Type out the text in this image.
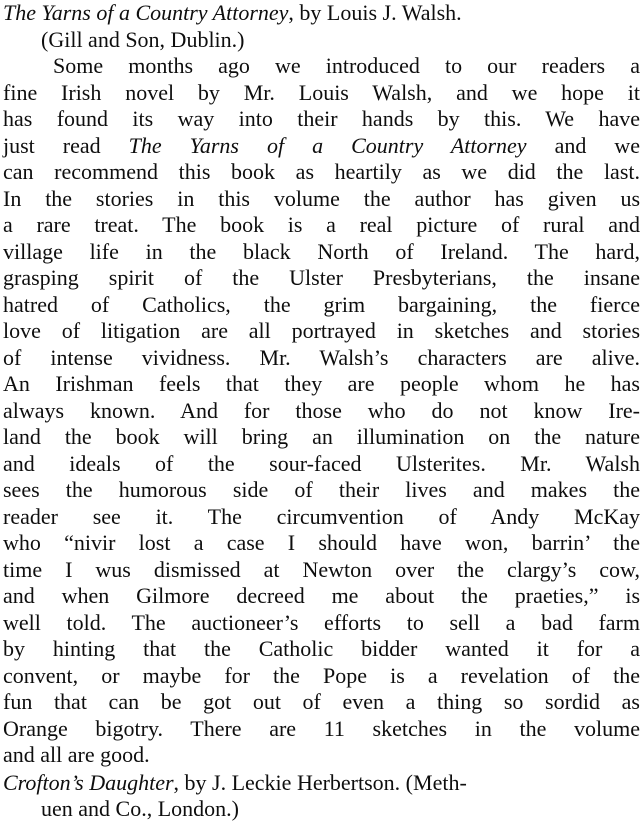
The Yarns of a Country Attorney, by Louis J. Walsh.
(Gill and Son, Dublin.)
Some months ago we introduced to our readers a
fine Irish novel by Mr. Louis Walsh, and we hope it
has found its way into their hands by this. We have
just read The Yarns of a Country Attorney and we
can recommend this book as heartily as we did the last.
In the stories in this volume the author has given us
a rare treat. The book is a real picture of rural and
village life in the black North of Ireland. The hard,
grasping spirit of the Ulster Presbyterians, the insane
hatred of Catholics, the grim bargaining, the fierce
love of litigation are all portrayed in sketches and stories
of intense vividness. Mr. Walsh’s characters are alive.
An Irishman feels that they are people whom he has
always known. And for those who do not know Ire-
land the book will bring an illumination on the nature
and ideals of the sour-faced Ulsterites. Mr. Walsh
sees the humorous side of their lives and makes the
reader see it. The circumvention of Andy McKay
who “nivir lost a case I should have won, barrin’ the
time I wus dismissed at Newton over the clargy’s cow,
and when Gilmore decreed me about the praeties,” is
well told. The auctioneer’s efforts to sell a bad farm
by hinting that the Catholic bidder wanted it for a
convent, or maybe for the Pope is a revelation of the
fun that can be got out of even a thing so sordid as
Orange bigotry. There are 11 sketches in the volume
and all are good.
Crofton’s Daughter, by J. Leckie Herbertson. (Meth-
uen and Co., London.)
